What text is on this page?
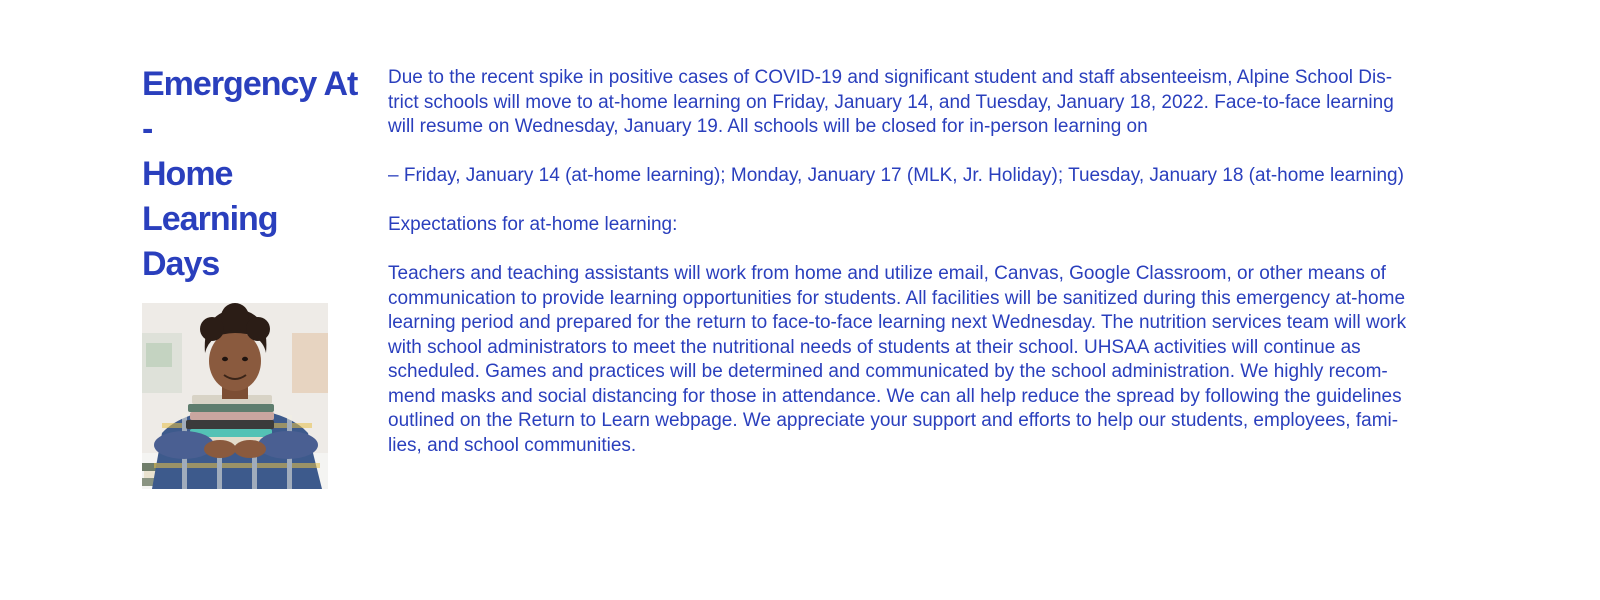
Emergency At -
Home Learning
Days

Due to the recent spike in positive cases of COVID-19 and significant student and staff absenteeism, Alpine School Dis-
trict schools will move to at-home learning on Friday, January 14, and Tuesday, January 18, 2022. Face-to-face learning
will resume on Wednesday, January 19. All schools will be closed for in-person learning on

– Friday, January 14 (at-home learning); Monday, January 17 (MLK, Jr. Holiday); Tuesday, January 18 (at-home learning)

Expectations for at-home learning:

Teachers and teaching assistants will work from home and utilize email, Canvas, Google Classroom, or other means of
communication to provide learning opportunities for students. All facilities will be sanitized during this emergency at-home
learning period and prepared for the return to face-to-face learning next Wednesday. The nutrition services team will work
with school administrators to meet the nutritional needs of students at their school. UHSAA activities will continue as
scheduled. Games and practices will be determined and communicated by the school administration. We highly recom-
mend masks and social distancing for those in attendance. We can all help reduce the spread by following the guidelines
outlined on the Return to Learn webpage. We appreciate your support and efforts to help our students, employees, fami-
lies, and school communities.
